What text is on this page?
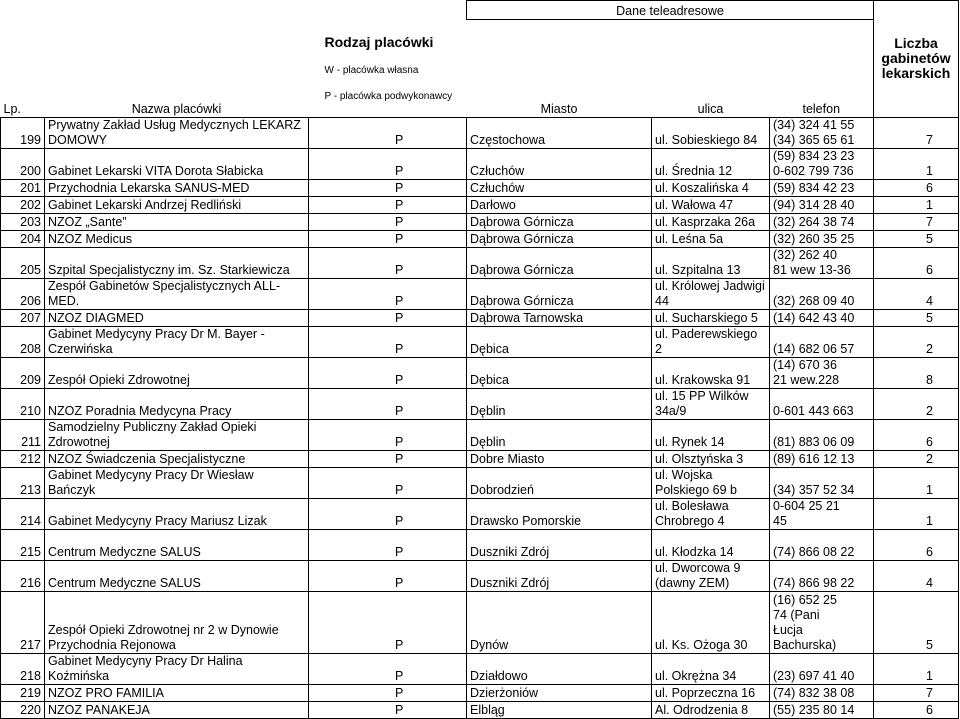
			Dane teleadresowe			Liczba
gabinetów
lekarskich
Lp.	Nazwa placówki	Rodzaj placówki

W - placówka własna

P - placówka podwykonawcy	Miasto	ulica	telefon	
199	Prywatny Zakład Usług Medycznych LEKARZ
DOMOWY	P	Częstochowa	ul. Sobieskiego 84	(34) 324 41 55
(34) 365 65 61	7
200	Gabinet Lekarski VITA Dorota Słabicka	P	Człuchów	ul. Średnia 12	(59) 834 23 23
0-602 799 736	1
201	Przychodnia Lekarska SANUS-MED	P	Człuchów	ul. Koszalińska 4	(59) 834 42 23	6
202	Gabinet Lekarski Andrzej Redliński	P	Darłowo	ul. Wałowa 47	(94) 314 28 40	1
203	NZOZ „Sante”	P	Dąbrowa Górnicza	ul. Kasprzaka 26a	(32) 264 38 74	7
204	NZOZ Medicus	P	Dąbrowa Górnicza	ul. Leśna 5a	(32) 260 35 25	5
205	Szpital Specjalistyczny im. Sz. Starkiewicza	P	Dąbrowa Górnicza	ul. Szpitalna 13	(32) 262 40
81 wew 13-36	6
206	Zespół Gabinetów Specjalistycznych ALL-
MED.	P	Dąbrowa Górnicza	ul. Królowej Jadwigi
44	(32) 268 09 40	4
207	NZOZ DIAGMED	P	Dąbrowa Tarnowska	ul. Sucharskiego 5	(14) 642 43 40	5
208	Gabinet Medycyny Pracy Dr M. Bayer -
Czerwińska	P	Dębica	ul. Paderewskiego 2	(14) 682 06 57	2
209	Zespół Opieki Zdrowotnej	P	Dębica	ul. Krakowska 91	(14) 670 36
21 wew.228	8
210	NZOZ Poradnia Medycyna Pracy	P	Dęblin	ul. 15 PP Wilków
34a/9	0-601 443 663	2
211	Samodzielny Publiczny Zakład Opieki
Zdrowotnej	P	Dęblin	ul. Rynek 14	(81) 883 06 09	6
212	NZOZ Świadczenia Specjalistyczne	P	Dobre Miasto	ul. Olsztyńska 3	(89) 616 12 13	2
213	Gabinet Medycyny Pracy Dr Wiesław
Bańczyk	P	Dobrodzień	ul. Wojska
Polskiego 69 b	(34) 357 52 34	1
214	Gabinet Medycyny Pracy Mariusz Lizak	P	Drawsko Pomorskie	ul. Bolesława
Chrobrego 4	0-604 25 21
45	1
215	Centrum Medyczne SALUS	P	Duszniki Zdrój	ul. Kłodzka 14	(74) 866 08 22	6
216	Centrum Medyczne SALUS	P	Duszniki Zdrój	ul. Dworcowa 9
(dawny ZEM)	(74) 866 98 22	4
217	Zespół Opieki Zdrowotnej nr 2 w Dynowie
Przychodnia Rejonowa	P	Dynów	ul. Ks. Ożoga 30	(16) 652 25
74 (Pani
Łucja
Bachurska)	5
218	Gabinet Medycyny Pracy Dr Halina
Koźmińska	P	Działdowo	ul. Okrężna 34	(23) 697 41 40	1
219	NZOZ PRO FAMILIA	P	Dzierżoniów	ul. Poprzeczna 16	(74) 832 38 08	7
220	NZOZ PANAKEJA	P	Elbląg	Al. Odrodzenia 8	(55) 235 80 14	6
